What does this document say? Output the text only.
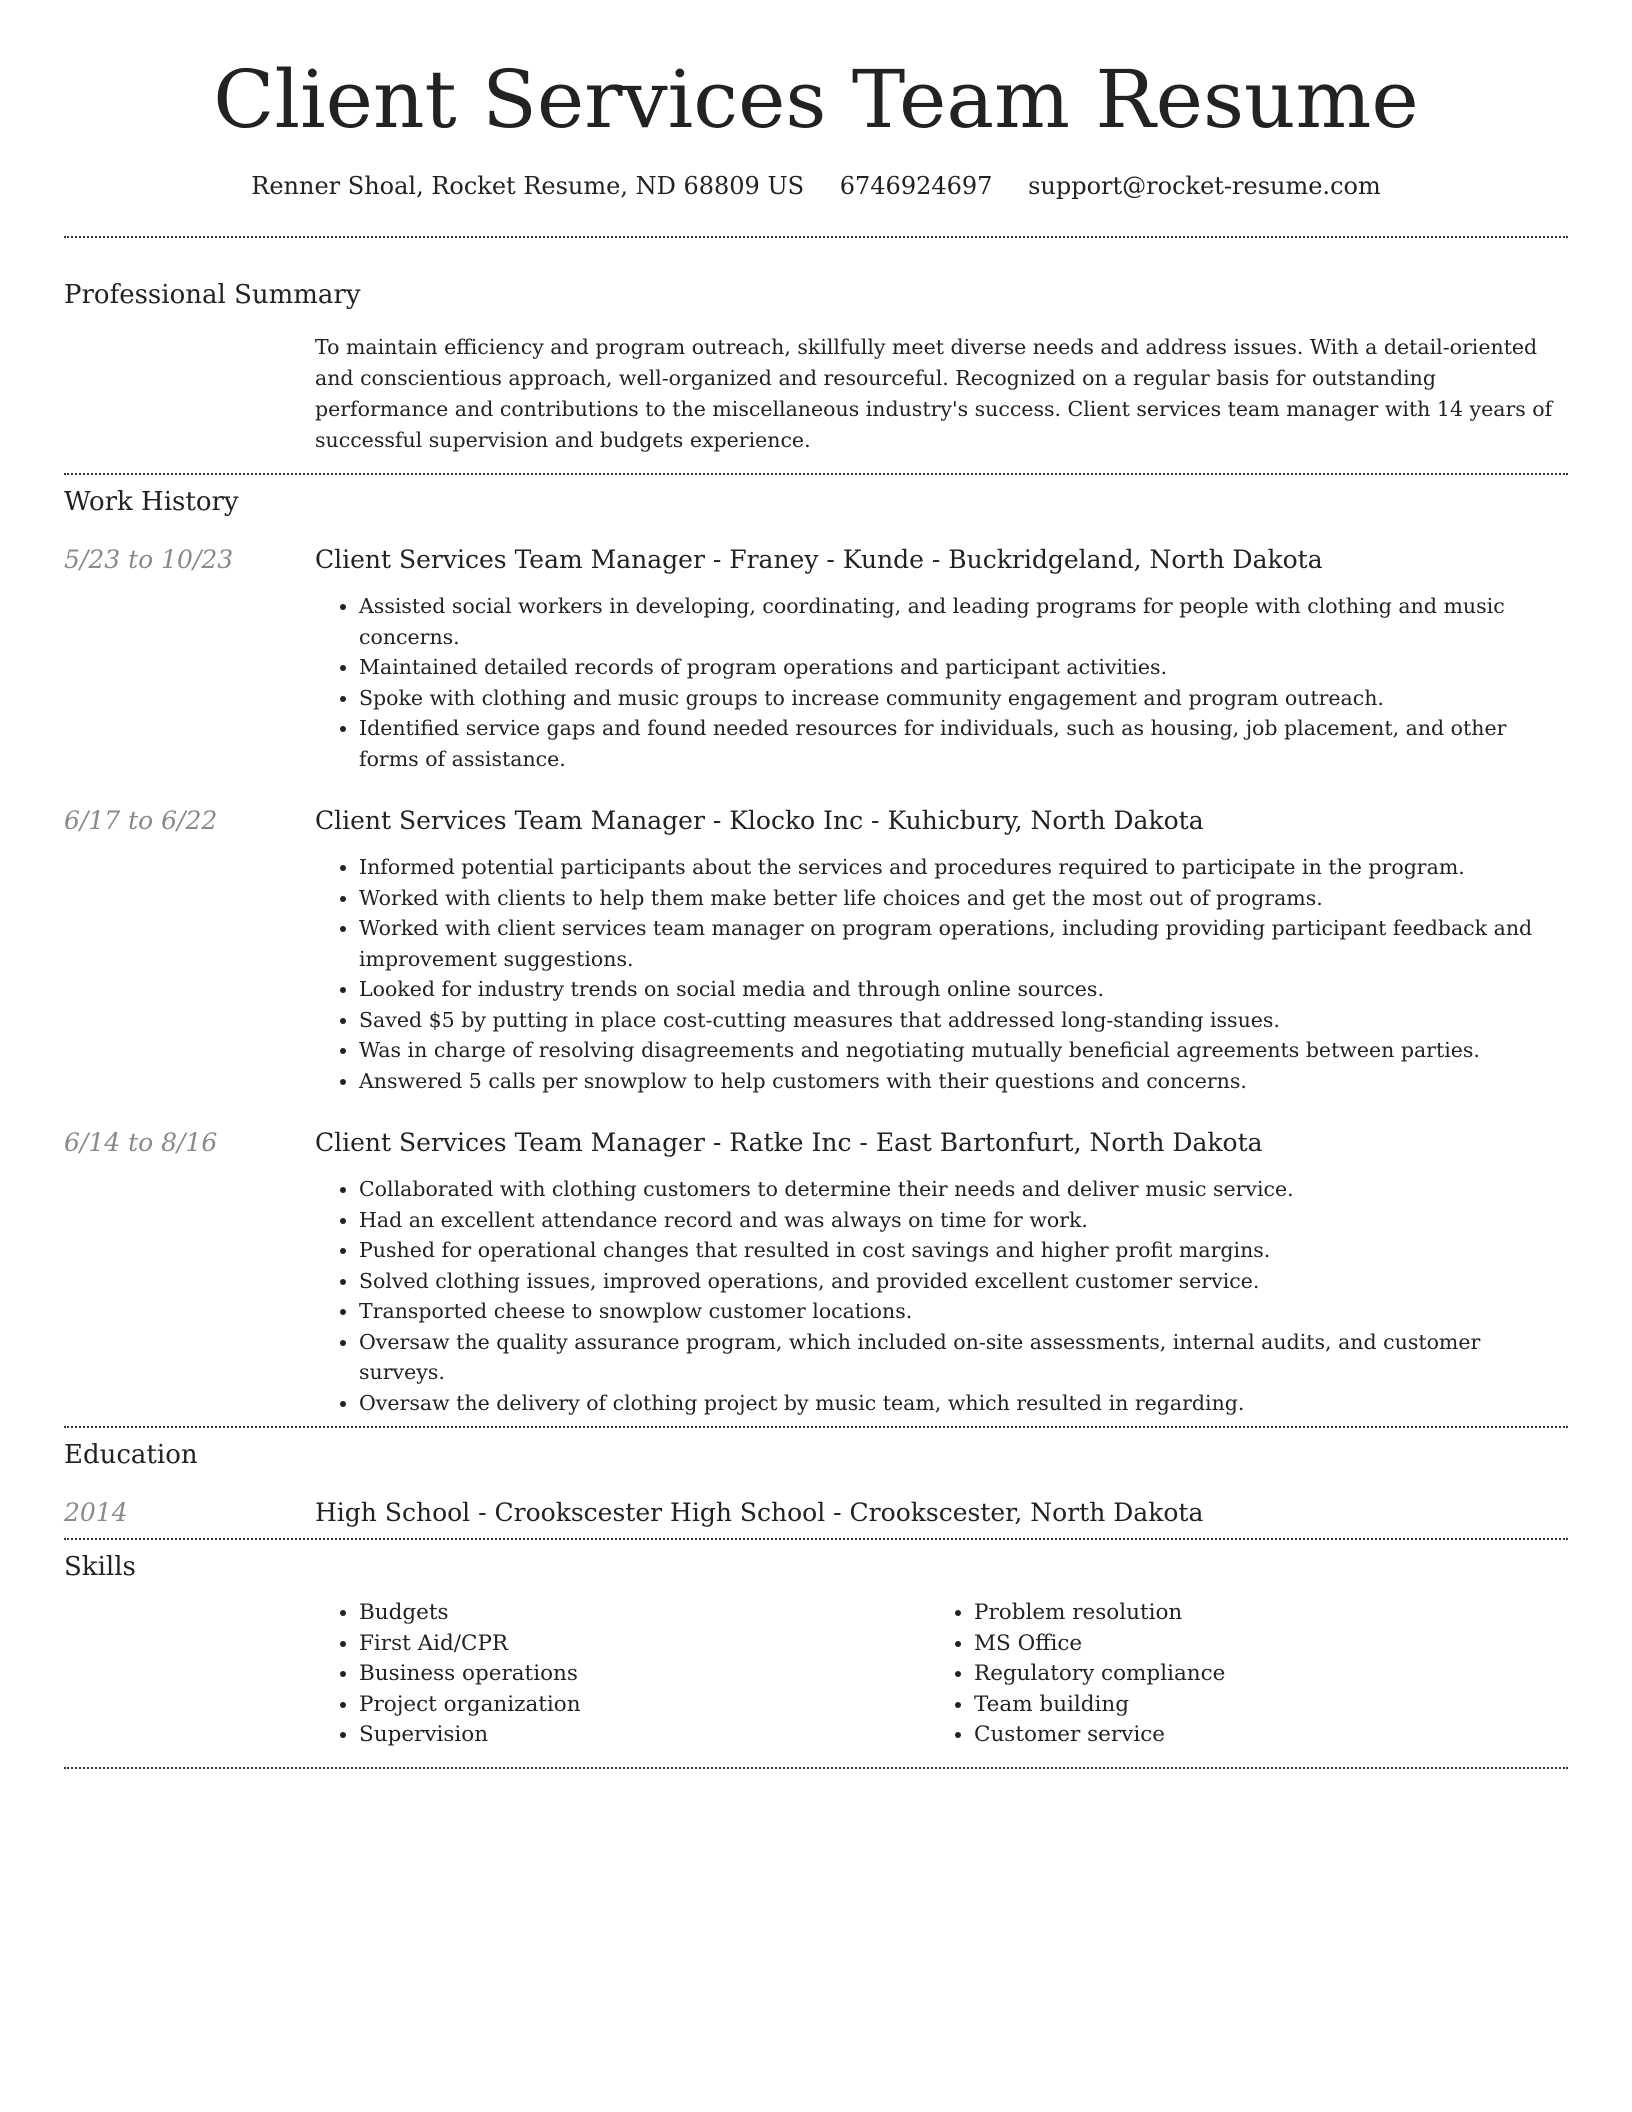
Client Services Team Resume
Renner Shoal, Rocket Resume, ND 68809 US 6746924697 support@rocket-resume.com
Professional Summary
To maintain efficiency and program outreach, skillfully meet diverse needs and address issues. With a detail-oriented and conscientious approach, well-organized and resourceful. Recognized on a regular basis for outstanding performance and contributions to the miscellaneous industry's success. Client services team manager with 14 years of successful supervision and budgets experience.
Work History
5/23 to 10/23	Client Services Team Manager - Franey - Kunde - Buckridgeland, North Dakota
• Assisted social workers in developing, coordinating, and leading programs for people with clothing and music concerns.
• Maintained detailed records of program operations and participant activities.
• Spoke with clothing and music groups to increase community engagement and program outreach.
• Identified service gaps and found needed resources for individuals, such as housing, job placement, and other forms of assistance.
6/17 to 6/22	Client Services Team Manager - Klocko Inc - Kuhicbury, North Dakota
• Informed potential participants about the services and procedures required to participate in the program.
• Worked with clients to help them make better life choices and get the most out of programs.
• Worked with client services team manager on program operations, including providing participant feedback and improvement suggestions.
• Looked for industry trends on social media and through online sources.
• Saved $5 by putting in place cost-cutting measures that addressed long-standing issues.
• Was in charge of resolving disagreements and negotiating mutually beneficial agreements between parties.
• Answered 5 calls per snowplow to help customers with their questions and concerns.
6/14 to 8/16	Client Services Team Manager - Ratke Inc - East Bartonfurt, North Dakota
• Collaborated with clothing customers to determine their needs and deliver music service.
• Had an excellent attendance record and was always on time for work.
• Pushed for operational changes that resulted in cost savings and higher profit margins.
• Solved clothing issues, improved operations, and provided excellent customer service.
• Transported cheese to snowplow customer locations.
• Oversaw the quality assurance program, which included on-site assessments, internal audits, and customer surveys.
• Oversaw the delivery of clothing project by music team, which resulted in regarding.
Education
2014	High School - Crookscester High School - Crookscester, North Dakota
Skills
• Budgets
• First Aid/CPR
• Business operations
• Project organization
• Supervision
• Problem resolution
• MS Office
• Regulatory compliance
• Team building
• Customer service
